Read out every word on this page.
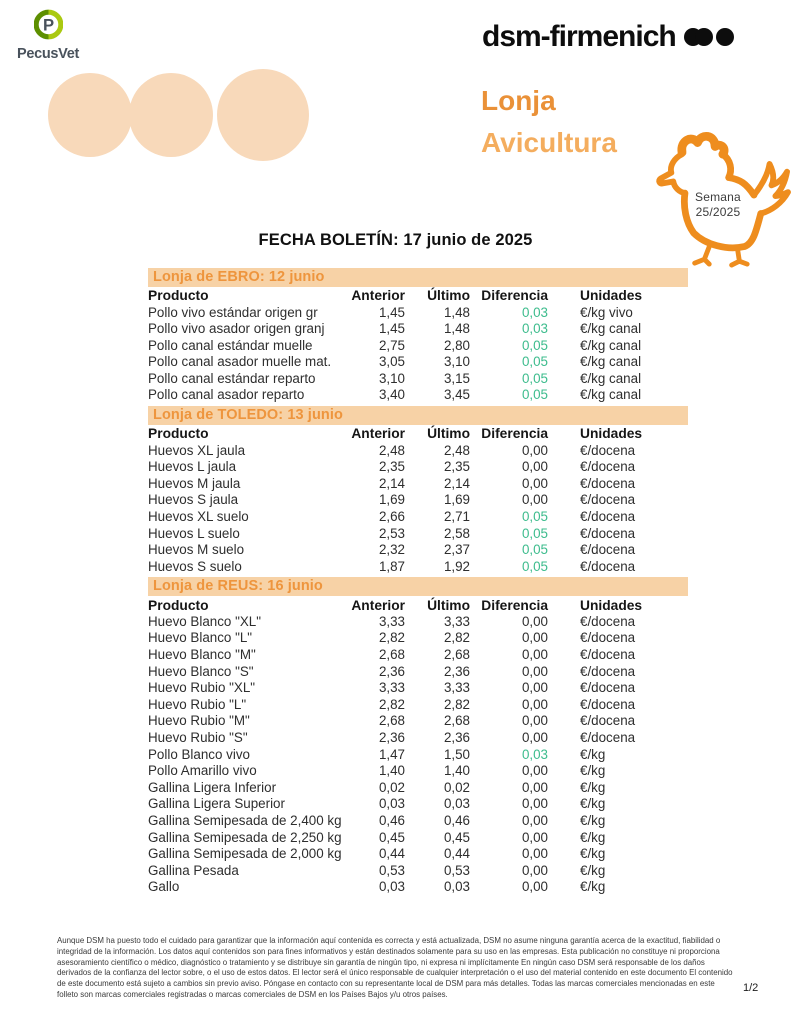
P
PecusVet
dsm-firmenich
Lonja
Avicultura
Semana
25/2025
FECHA BOLETÍN: 17 junio de 2025
Lonja de EBRO: 12 junio
Producto	Anterior	Último	Diferencia	Unidades
Pollo vivo estándar origen gr	1,45	1,48	0,03	€/kg vivo
Pollo vivo asador origen granj	1,45	1,48	0,03	€/kg canal
Pollo canal estándar muelle	2,75	2,80	0,05	€/kg canal
Pollo canal asador muelle mat.	3,05	3,10	0,05	€/kg canal
Pollo canal estándar reparto	3,10	3,15	0,05	€/kg canal
Pollo canal asador reparto	3,40	3,45	0,05	€/kg canal
Lonja de TOLEDO: 13 junio
Producto	Anterior	Último	Diferencia	Unidades
Huevos XL jaula	2,48	2,48	0,00	€/docena
Huevos L jaula	2,35	2,35	0,00	€/docena
Huevos M jaula	2,14	2,14	0,00	€/docena
Huevos S jaula	1,69	1,69	0,00	€/docena
Huevos XL suelo	2,66	2,71	0,05	€/docena
Huevos L suelo	2,53	2,58	0,05	€/docena
Huevos M suelo	2,32	2,37	0,05	€/docena
Huevos S suelo	1,87	1,92	0,05	€/docena
Lonja de REUS: 16 junio
Producto	Anterior	Último	Diferencia	Unidades
Huevo Blanco "XL"	3,33	3,33	0,00	€/docena
Huevo Blanco "L"	2,82	2,82	0,00	€/docena
Huevo Blanco "M"	2,68	2,68	0,00	€/docena
Huevo Blanco "S"	2,36	2,36	0,00	€/docena
Huevo Rubio "XL"	3,33	3,33	0,00	€/docena
Huevo Rubio "L"	2,82	2,82	0,00	€/docena
Huevo Rubio "M"	2,68	2,68	0,00	€/docena
Huevo Rubio "S"	2,36	2,36	0,00	€/docena
Pollo Blanco vivo	1,47	1,50	0,03	€/kg
Pollo Amarillo vivo	1,40	1,40	0,00	€/kg
Gallina Ligera Inferior	0,02	0,02	0,00	€/kg
Gallina Ligera Superior	0,03	0,03	0,00	€/kg
Gallina Semipesada de 2,400 kg	0,46	0,46	0,00	€/kg
Gallina Semipesada de 2,250 kg	0,45	0,45	0,00	€/kg
Gallina Semipesada de 2,000 kg	0,44	0,44	0,00	€/kg
Gallina Pesada	0,53	0,53	0,00	€/kg
Gallo	0,03	0,03	0,00	€/kg

Aunque DSM ha puesto todo el cuidado para garantizar que la información aquí contenida es correcta y está actualizada, DSM no asume ninguna garantía acerca de la exactitud, fiabilidad o integridad de la información. Los datos aquí contenidos son para fines informativos y están destinados solamente para su uso en las empresas. Esta publicación no constituye ni proporciona asesoramiento científico o médico, diagnóstico o tratamiento y se distribuye sin garantía de ningún tipo, ni expresa ni implícitamente En ningún caso DSM será responsable de los daños derivados de la confianza del lector sobre, o el uso de estos datos. El lector será el único responsable de cualquier interpretación o el uso del material contenido en este documento El contenido de este documento está sujeto a cambios sin previo aviso. Póngase en contacto con su representante local de DSM para más detalles. Todas las marcas comerciales mencionadas en este folleto son marcas comerciales registradas o marcas comerciales de DSM en los Países Bajos y/u otros países.

1/2
